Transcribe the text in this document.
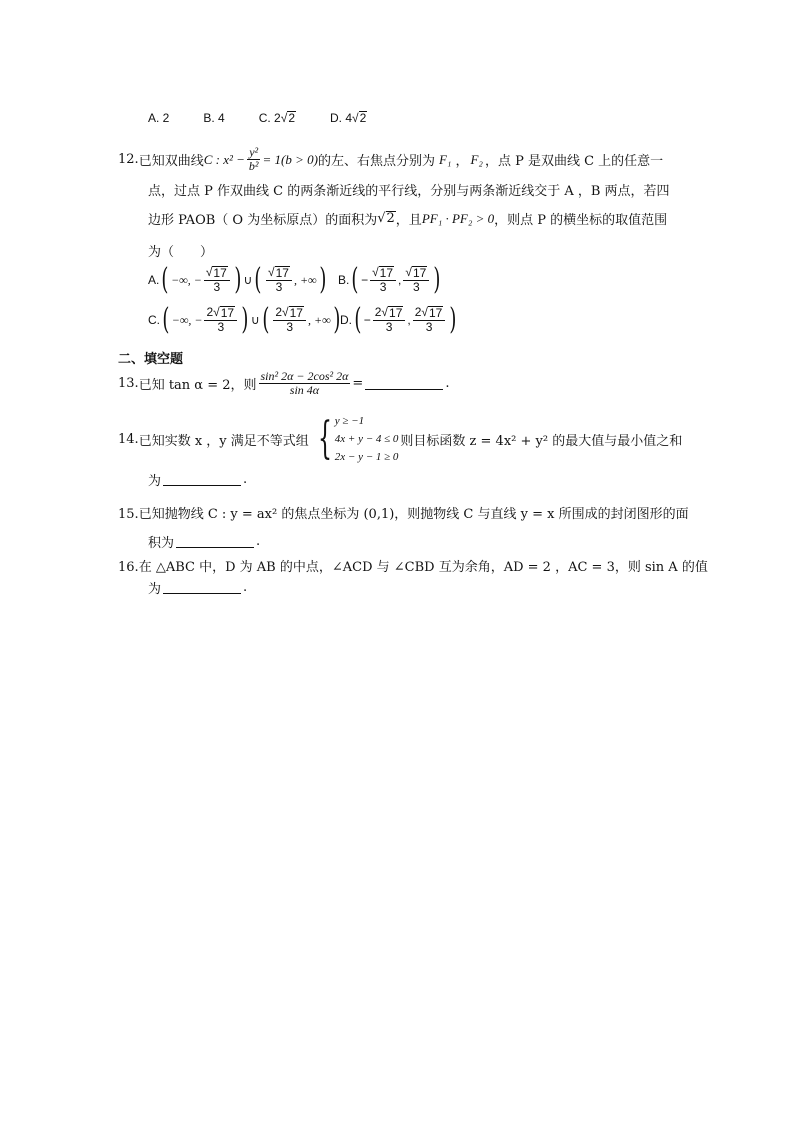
A. 2	B. 4	C. 2√ 2	D. 4√ 2
12. 已知双曲线 C : $x^2 - \frac{\text{y²}}{\text{b²}} = 1(b > 0)$ 的左、右焦点分别为 F₁ ， F₂ ，点 P 是双曲线 C 上的任意一
点，过点 P 作双曲线 C 的两条渐近线的平行线，分别与两条渐近线交于 A ，B 两点，若四
边形 PAOB（ O 为坐标原点）的面积为 √ 2 ，且 PF₁ · PF₂ > 0 ，则点 P 的横坐标的取值范围
为（　　）
A. ( −∞, − $\frac{√ 17}{3}$ ) ∪ ( $\frac{√ 17}{3}$ , +∞ ) B. ( − $\frac{√ 17}{3}$ , $\frac{√ 17}{3}$ )
C. ( −∞, − $\frac{2√ 17}{3}$ ) ∪ ( $\frac{2√ 17}{3}$ , +∞ ) D. ( − $\frac{2√ 17}{3}$ , $\frac{2√ 17}{3}$ )
二、填空题
13. 已知 tan α = 2，则 $\frac{\text{sin² 2α − 2cos² 2α}}{\sin 4\alpha}$ =	.
14. 已知实数 x ，y 满足不等式组 { y ≥ −1
4x + y − 4 ≤ 0
2x − y − 1 ≥ 0
则目标函数 z = 4x² + y² 的最大值与最小值之和
为	.
15.已知抛物线 C : y = ax² 的焦点坐标为 (0,1)，则抛物线 C 与直线 y = x 所围成的封闭图形的面
积为	.
16.在 △ABC 中，D 为 AB 的中点，∠ACD 与 ∠CBD 互为余角，AD = 2 ，AC = 3，则 sin A 的值
为	.
